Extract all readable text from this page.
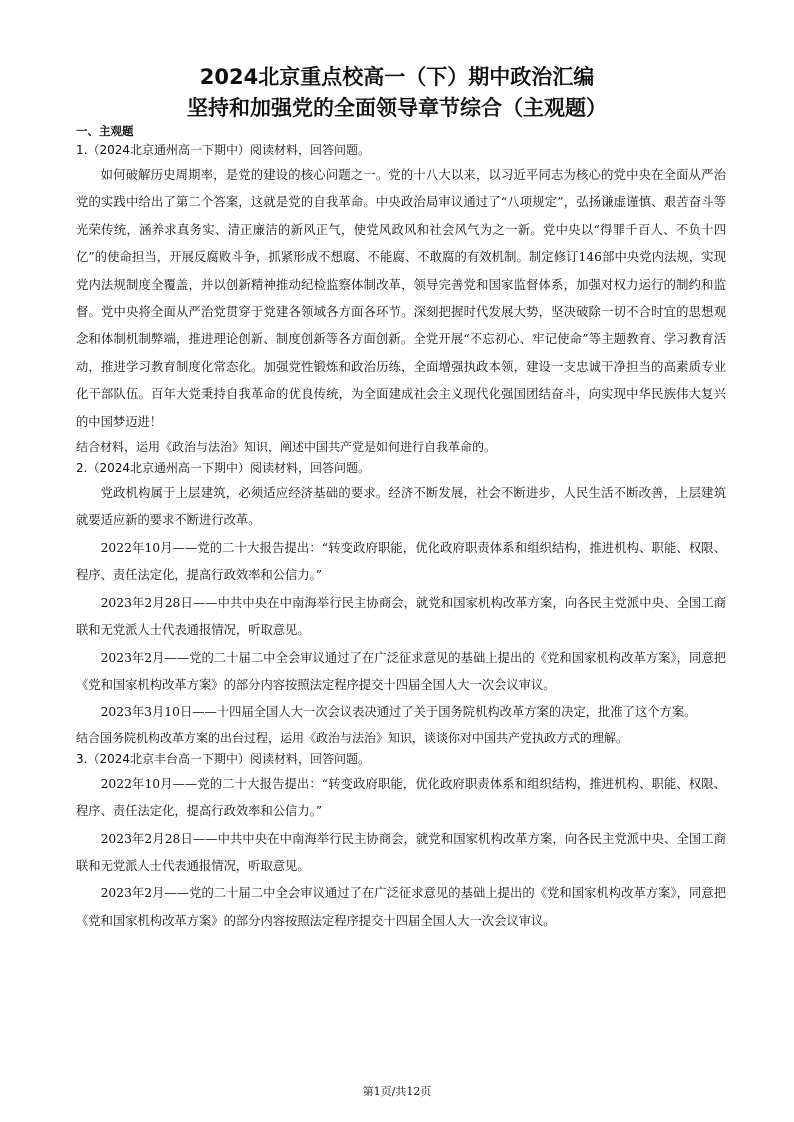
2024北京重点校高一（下）期中政治汇编
坚持和加强党的全面领导章节综合（主观题）

一、主观题

1.（2024北京通州高一下期中）阅读材料，回答问题。

如何破解历史周期率，是党的建设的核心问题之一。党的十八大以来，以习近平同志为核心的党中央在全面从严治党的实践中给出了第二个答案，这就是党的自我革命。中央政治局审议通过了“八项规定”，弘扬谦虚谨慎、艰苦奋斗等光荣传统，涵养求真务实、清正廉洁的新风正气，使党风政风和社会风气为之一新。党中央以“得罪千百人、不负十四亿”的使命担当，开展反腐败斗争，抓紧形成不想腐、不能腐、不敢腐的有效机制。制定修订146部中央党内法规，实现党内法规制度全覆盖，并以创新精神推动纪检监察体制改革，领导完善党和国家监督体系，加强对权力运行的制约和监督。党中央将全面从严治党贯穿于党建各领域各方面各环节。深刻把握时代发展大势，坚决破除一切不合时宜的思想观念和体制机制弊端，推进理论创新、制度创新等各方面创新。全党开展“不忘初心、牢记使命”等主题教育、学习教育活动，推进学习教育制度化常态化。加强党性锻炼和政治历练，全面增强执政本领，建设一支忠诚干净担当的高素质专业化干部队伍。百年大党秉持自我革命的优良传统，为全面建成社会主义现代化强国团结奋斗，向实现中华民族伟大复兴的中国梦迈进！

结合材料，运用《政治与法治》知识，阐述中国共产党是如何进行自我革命的。

2.（2024北京通州高一下期中）阅读材料，回答问题。

党政机构属于上层建筑，必须适应经济基础的要求。经济不断发展，社会不断进步，人民生活不断改善，上层建筑就要适应新的要求不断进行改革。

2022年10月——党的二十大报告提出：“转变政府职能，优化政府职责体系和组织结构，推进机构、职能、权限、程序、责任法定化，提高行政效率和公信力。”

2023年2月28日——中共中央在中南海举行民主协商会，就党和国家机构改革方案，向各民主党派中央、全国工商联和无党派人士代表通报情况，听取意见。

2023年2月——党的二十届二中全会审议通过了在广泛征求意见的基础上提出的《党和国家机构改革方案》，同意把《党和国家机构改革方案》的部分内容按照法定程序提交十四届全国人大一次会议审议。

2023年3月10日——十四届全国人大一次会议表决通过了关于国务院机构改革方案的决定，批准了这个方案。

结合国务院机构改革方案的出台过程，运用《政治与法治》知识，谈谈你对中国共产党执政方式的理解。

3.（2024北京丰台高一下期中）阅读材料，回答问题。

2022年10月——党的二十大报告提出：“转变政府职能，优化政府职责体系和组织结构，推进机构、职能、权限、程序、责任法定化，提高行政效率和公信力。”

2023年2月28日——中共中央在中南海举行民主协商会，就党和国家机构改革方案，向各民主党派中央、全国工商联和无党派人士代表通报情况，听取意见。

2023年2月——党的二十届二中全会审议通过了在广泛征求意见的基础上提出的《党和国家机构改革方案》，同意把《党和国家机构改革方案》的部分内容按照法定程序提交十四届全国人大一次会议审议。

第1页/共12页
